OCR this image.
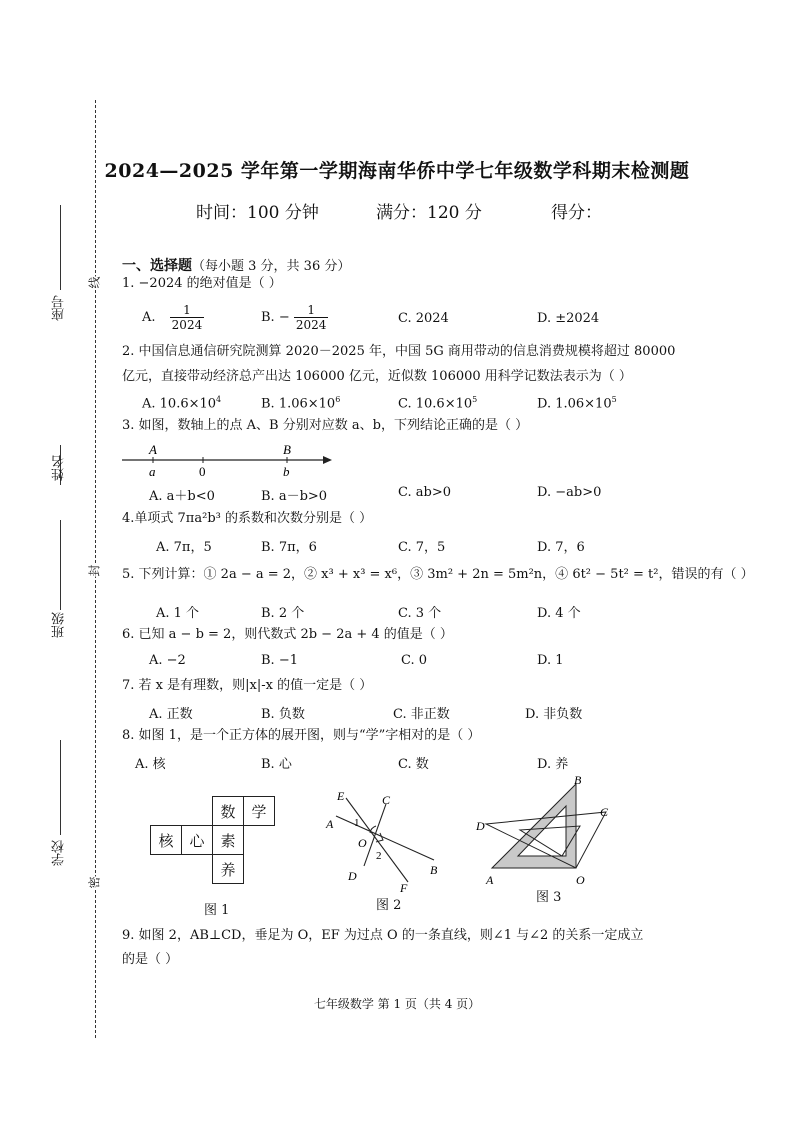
线
封
密
座号
姓名
班级
学校
2024—2025 学年第一学期海南华侨中学七年级数学科期末检测题
时间：100 分钟	满分：120 分	得分：
一、选择题（每小题 3 分，共 36 分）
1. −2024 的绝对值是（ ）
A. $\frac{1}{2024}$	B. − $\frac{1}{2024}$	C. 2024	D. ±2024
2. 中国信息通信研究院测算 2020－2025 年，中国 5G 商用带动的信息消费规模将超过 80000
亿元，直接带动经济总产出达 106000 亿元，近似数 106000 用科学记数法表示为（ ）
A. $10.6\times 10^4$	B. $1.06\times 10^6$	C. $10.6\times 10^5$	D. $1.06\times 10^5$
3. 如图，数轴上的点 A、B 分别对应数 a、b，下列结论正确的是（ ）
A	B
a	0	b
A. a＋b<0	B. a－b>0	C. ab>0	D. −ab>0
4.单项式 7πa²b³ 的系数和次数分别是（ ）
A. 7π，5	B. 7π，6	C. 7，5	D. 7，6
5. 下列计算：① 2a − a = 2，② x³ + x³ = x⁶，③ 3m² + 2n = 5m²n，④ 6t² − 5t² = t²，错误的有（ ）
A. 1 个	B. 2 个	C. 3 个	D. 4 个
6. 已知 a − b = 2，则代数式 2b − 2a + 4 的值是（ ）
A. −2	B. −1	C. 0	D. 1
7. 若 x 是有理数，则|x|-x 的值一定是（ ）
A. 正数	B. 负数	C. 非正数	D. 非负数
8. 如图 1，是一个正方体的展开图，则与“学”字相对的是（ ）
A. 核	B. 心	C. 数	D. 养
		数	学
核	心	素	
		养	
图 1
A
B
C
D
E
F
O
1
2
图 2
A
B
C
D
O
图 3
9. 如图 2，AB⊥CD，垂足为 O，EF 为过点 O 的一条直线，则∠1 与∠2 的关系一定成立
的是（ ）
七年级数学 第 1 页（共 4 页）
